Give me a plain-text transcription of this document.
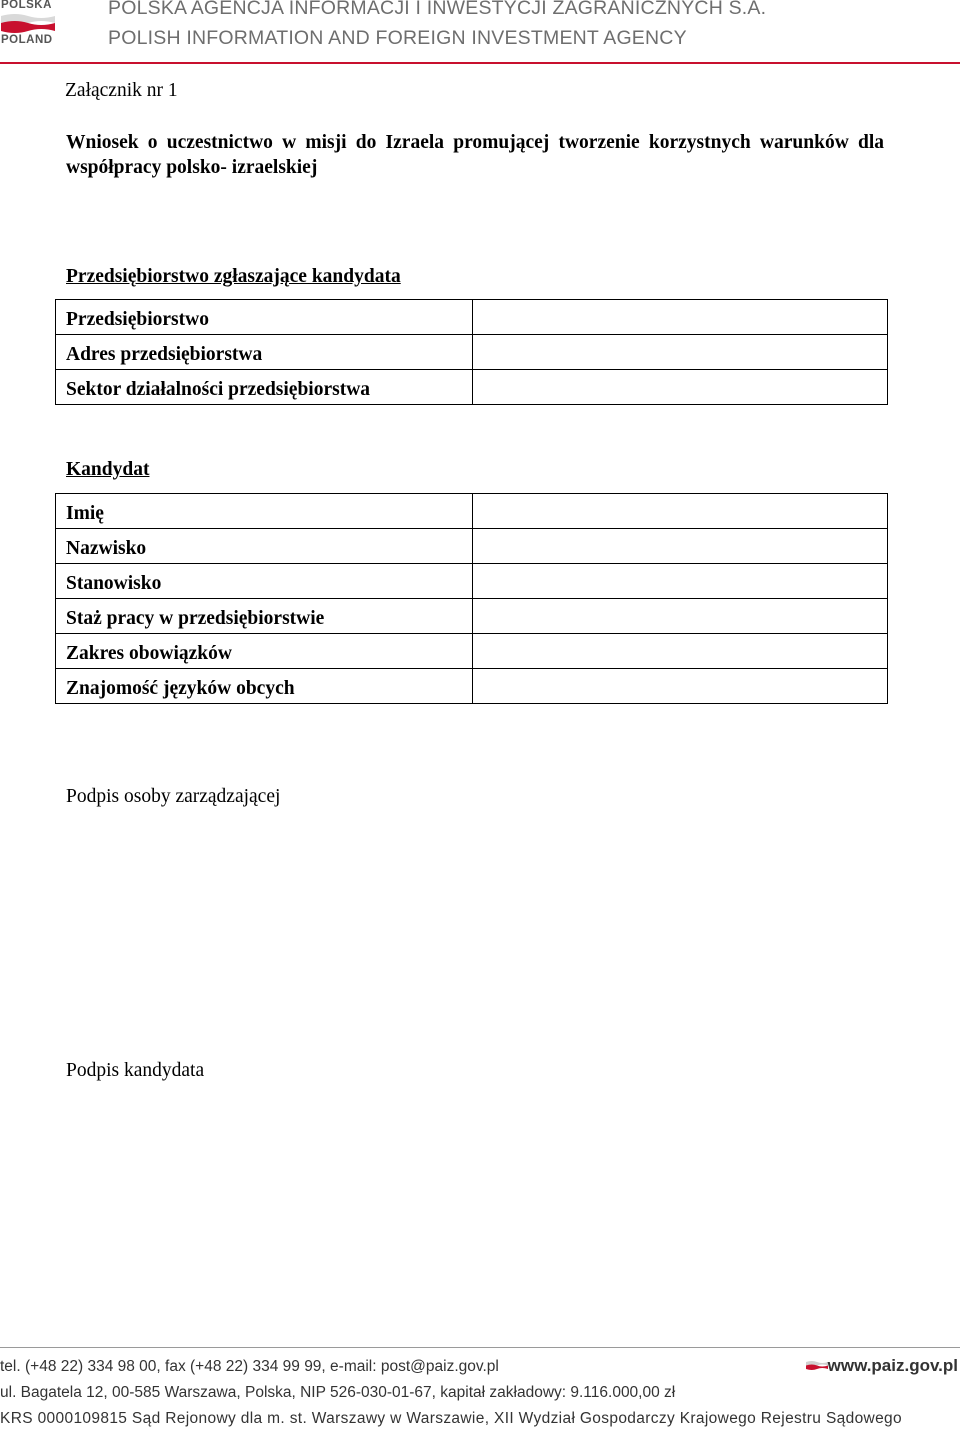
POLSKA
POLAND
POLSKA AGENCJA INFORMACJI I INWESTYCJI ZAGRANICZNYCH S.A.
POLISH INFORMATION AND FOREIGN INVESTMENT AGENCY
Załącznik nr 1
Wniosek o uczestnictwo w misji do Izraela promującej tworzenie korzystnych warunków dla współpracy polsko- izraelskiej
Przedsiębiorstwo zgłaszające kandydata
Przedsiębiorstwo	
Adres przedsiębiorstwa	
Sektor działalności przedsiębiorstwa	
Kandydat
Imię	
Nazwisko	
Stanowisko	
Staż pracy w przedsiębiorstwie	
Zakres obowiązków	
Znajomość języków obcych	
Podpis osoby zarządzającej
Podpis kandydata
tel. (+48 22) 334 98 00, fax (+48 22) 334 99 99, e-mail: post@paiz.gov.pl	www.paiz.gov.pl
ul. Bagatela 12, 00-585 Warszawa, Polska, NIP 526-030-01-67, kapitał zakładowy: 9.116.000,00 zł
KRS 0000109815 Sąd Rejonowy dla m. st. Warszawy w Warszawie, XII Wydział Gospodarczy Krajowego Rejestru Sądowego
